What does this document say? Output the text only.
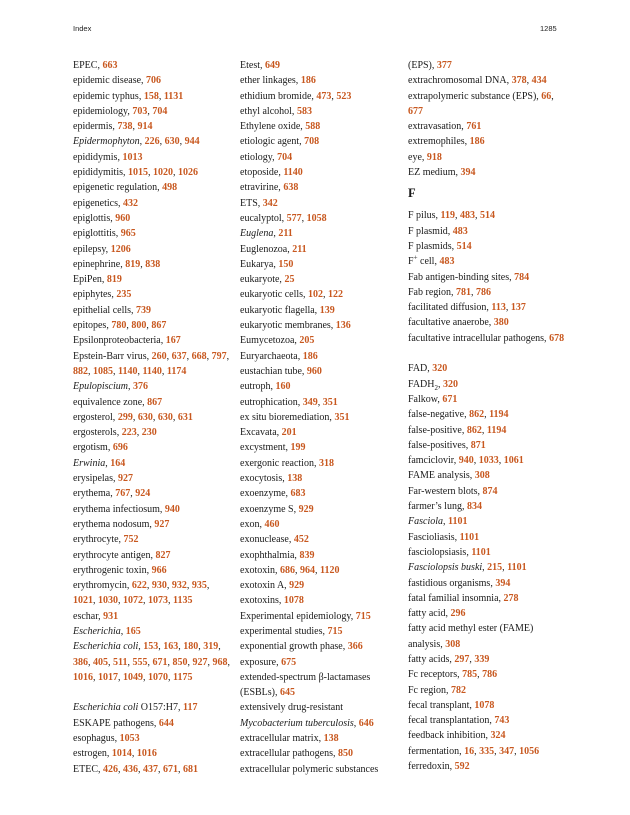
Index	1285
EPEC, 663
epidemic disease, 706
epidemic typhus, 158, 1131
epidemiology, 703, 704
epidermis, 738, 914
Epidermophyton, 226, 630, 944
epididymis, 1013
epididymitis, 1015, 1020, 1026
epigenetic regulation, 498
epigenetics, 432
epiglottis, 960
epiglottitis, 965
epilepsy, 1206
epinephrine, 819, 838
EpiPen, 819
epiphytes, 235
epithelial cells, 739
epitopes, 780, 800, 867
Epsilonproteobacteria, 167
Epstein-Barr virus, 260, 637, 668, 797, 882, 1085, 1140, 1140, 1174
Epulopiscium, 376
equivalence zone, 867
ergosterol, 299, 630, 630, 631
ergosterols, 223, 230
ergotism, 696
Erwinia, 164
erysipelas, 927
erythema, 767, 924
erythema infectiosum, 940
erythema nodosum, 927
erythrocyte, 752
erythrocyte antigen, 827
erythrogenic toxin, 966
erythromycin, 622, 930, 932, 935, 1021, 1030, 1072, 1073, 1135
eschar, 931
Escherichia, 165
Escherichia coli, 153, 163, 180, 319, 386, 405, 511, 555, 671, 850, 927, 968, 1016, 1017, 1049, 1070, 1175
Escherichia coli O157:H7, 117
ESKAPE pathogens, 644
esophagus, 1053
estrogen, 1014, 1016
ETEC, 426, 436, 437, 671, 681
Etest, 649
ether linkages, 186
ethidium bromide, 473, 523
ethyl alcohol, 583
Ethylene oxide, 588
etiologic agent, 708
etiology, 704
etoposide, 1140
etravirine, 638
ETS, 342
eucalyptol, 577, 1058
Euglena, 211
Euglenozoa, 211
Eukarya, 150
eukaryote, 25
eukaryotic cells, 102, 122
eukaryotic flagella, 139
eukaryotic membranes, 136
Eumycetozoa, 205
Euryarchaeota, 186
eustachian tube, 960
eutroph, 160
eutrophication, 349, 351
ex situ bioremediation, 351
Excavata, 201
excystment, 199
exergonic reaction, 318
exocytosis, 138
exoenzyme, 683
exoenzyme S, 929
exon, 460
exonuclease, 452
exophthalmia, 839
exotoxin, 686, 964, 1120
exotoxin A, 929
exotoxins, 1078
Experimental epidemiology, 715
experimental studies, 715
exponential growth phase, 366
exposure, 675
extended-spectrum β-lactamases (ESBLs), 645
extensively drug-resistant Mycobacterium tuberculosis, 646
extracellular matrix, 138
extracellular pathogens, 850
extracellular polymeric substances
(EPS), 377
extrachromosomal DNA, 378, 434
extrapolymeric substance (EPS), 66, 677
extravasation, 761
extremophiles, 186
eye, 918
EZ medium, 394
F
F pilus, 119, 483, 514
F plasmid, 483
F plasmids, 514
F+ cell, 483
Fab antigen-binding sites, 784
Fab region, 781, 786
facilitated diffusion, 113, 137
facultative anaerobe, 380
facultative intracellular pathogens, 678
FAD, 320
$FADH_2$, 320
Falkow, 671
false-negative, 862, 1194
false-positive, 862, 1194
false-positives, 871
famciclovir, 940, 1033, 1061
FAME analysis, 308
Far-western blots, 874
farmer’s lung, 834
Fasciola, 1101
Fascioliasis, 1101
fasciolopsiasis, 1101
Fasciolopsis buski, 215, 1101
fastidious organisms, 394
fatal familial insomnia, 278
fatty acid, 296
fatty acid methyl ester (FAME) analysis, 308
fatty acids, 297, 339
Fc receptors, 785, 786
Fc region, 782
fecal transplant, 1078
fecal transplantation, 743
feedback inhibition, 324
fermentation, 16, 335, 347, 1056
ferredoxin, 592
